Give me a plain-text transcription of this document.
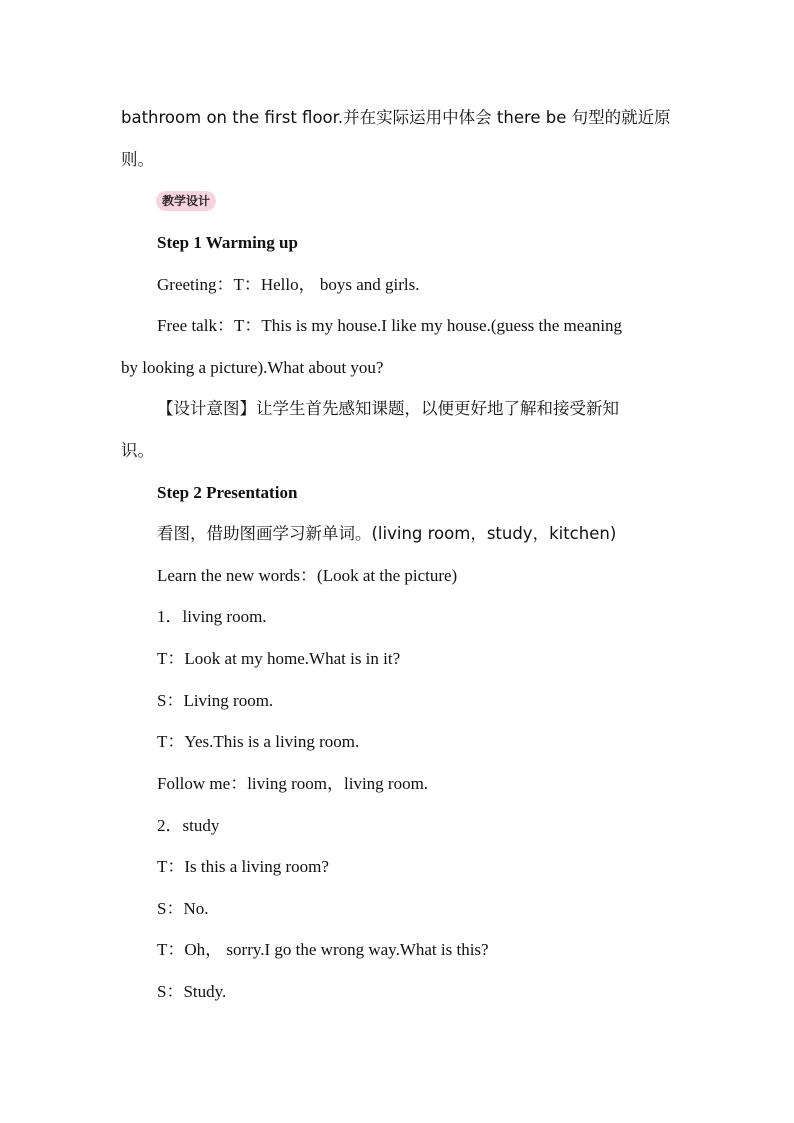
bathroom on the first floor.并在实际运用中体会 there be 句型的就近原

则。

教学设计

Step 1 Warming up

Greeting：T：Hello， boys and girls.

Free talk：T：This is my house.I like my house.(guess the meaning

by looking a picture).What about you?

【设计意图】让学生首先感知课题，以便更好地了解和接受新知

识。

Step 2 Presentation

看图，借助图画学习新单词。(living room，study，kitchen)

Learn the new words：(Look at the picture)

1．living room.

T：Look at my home.What is in it?

S：Living room.

T：Yes.This is a living room.

Follow me：living room，living room.

2．study

T：Is this a living room?

S：No.

T：Oh， sorry.I go the wrong way.What is this?

S：Study.
